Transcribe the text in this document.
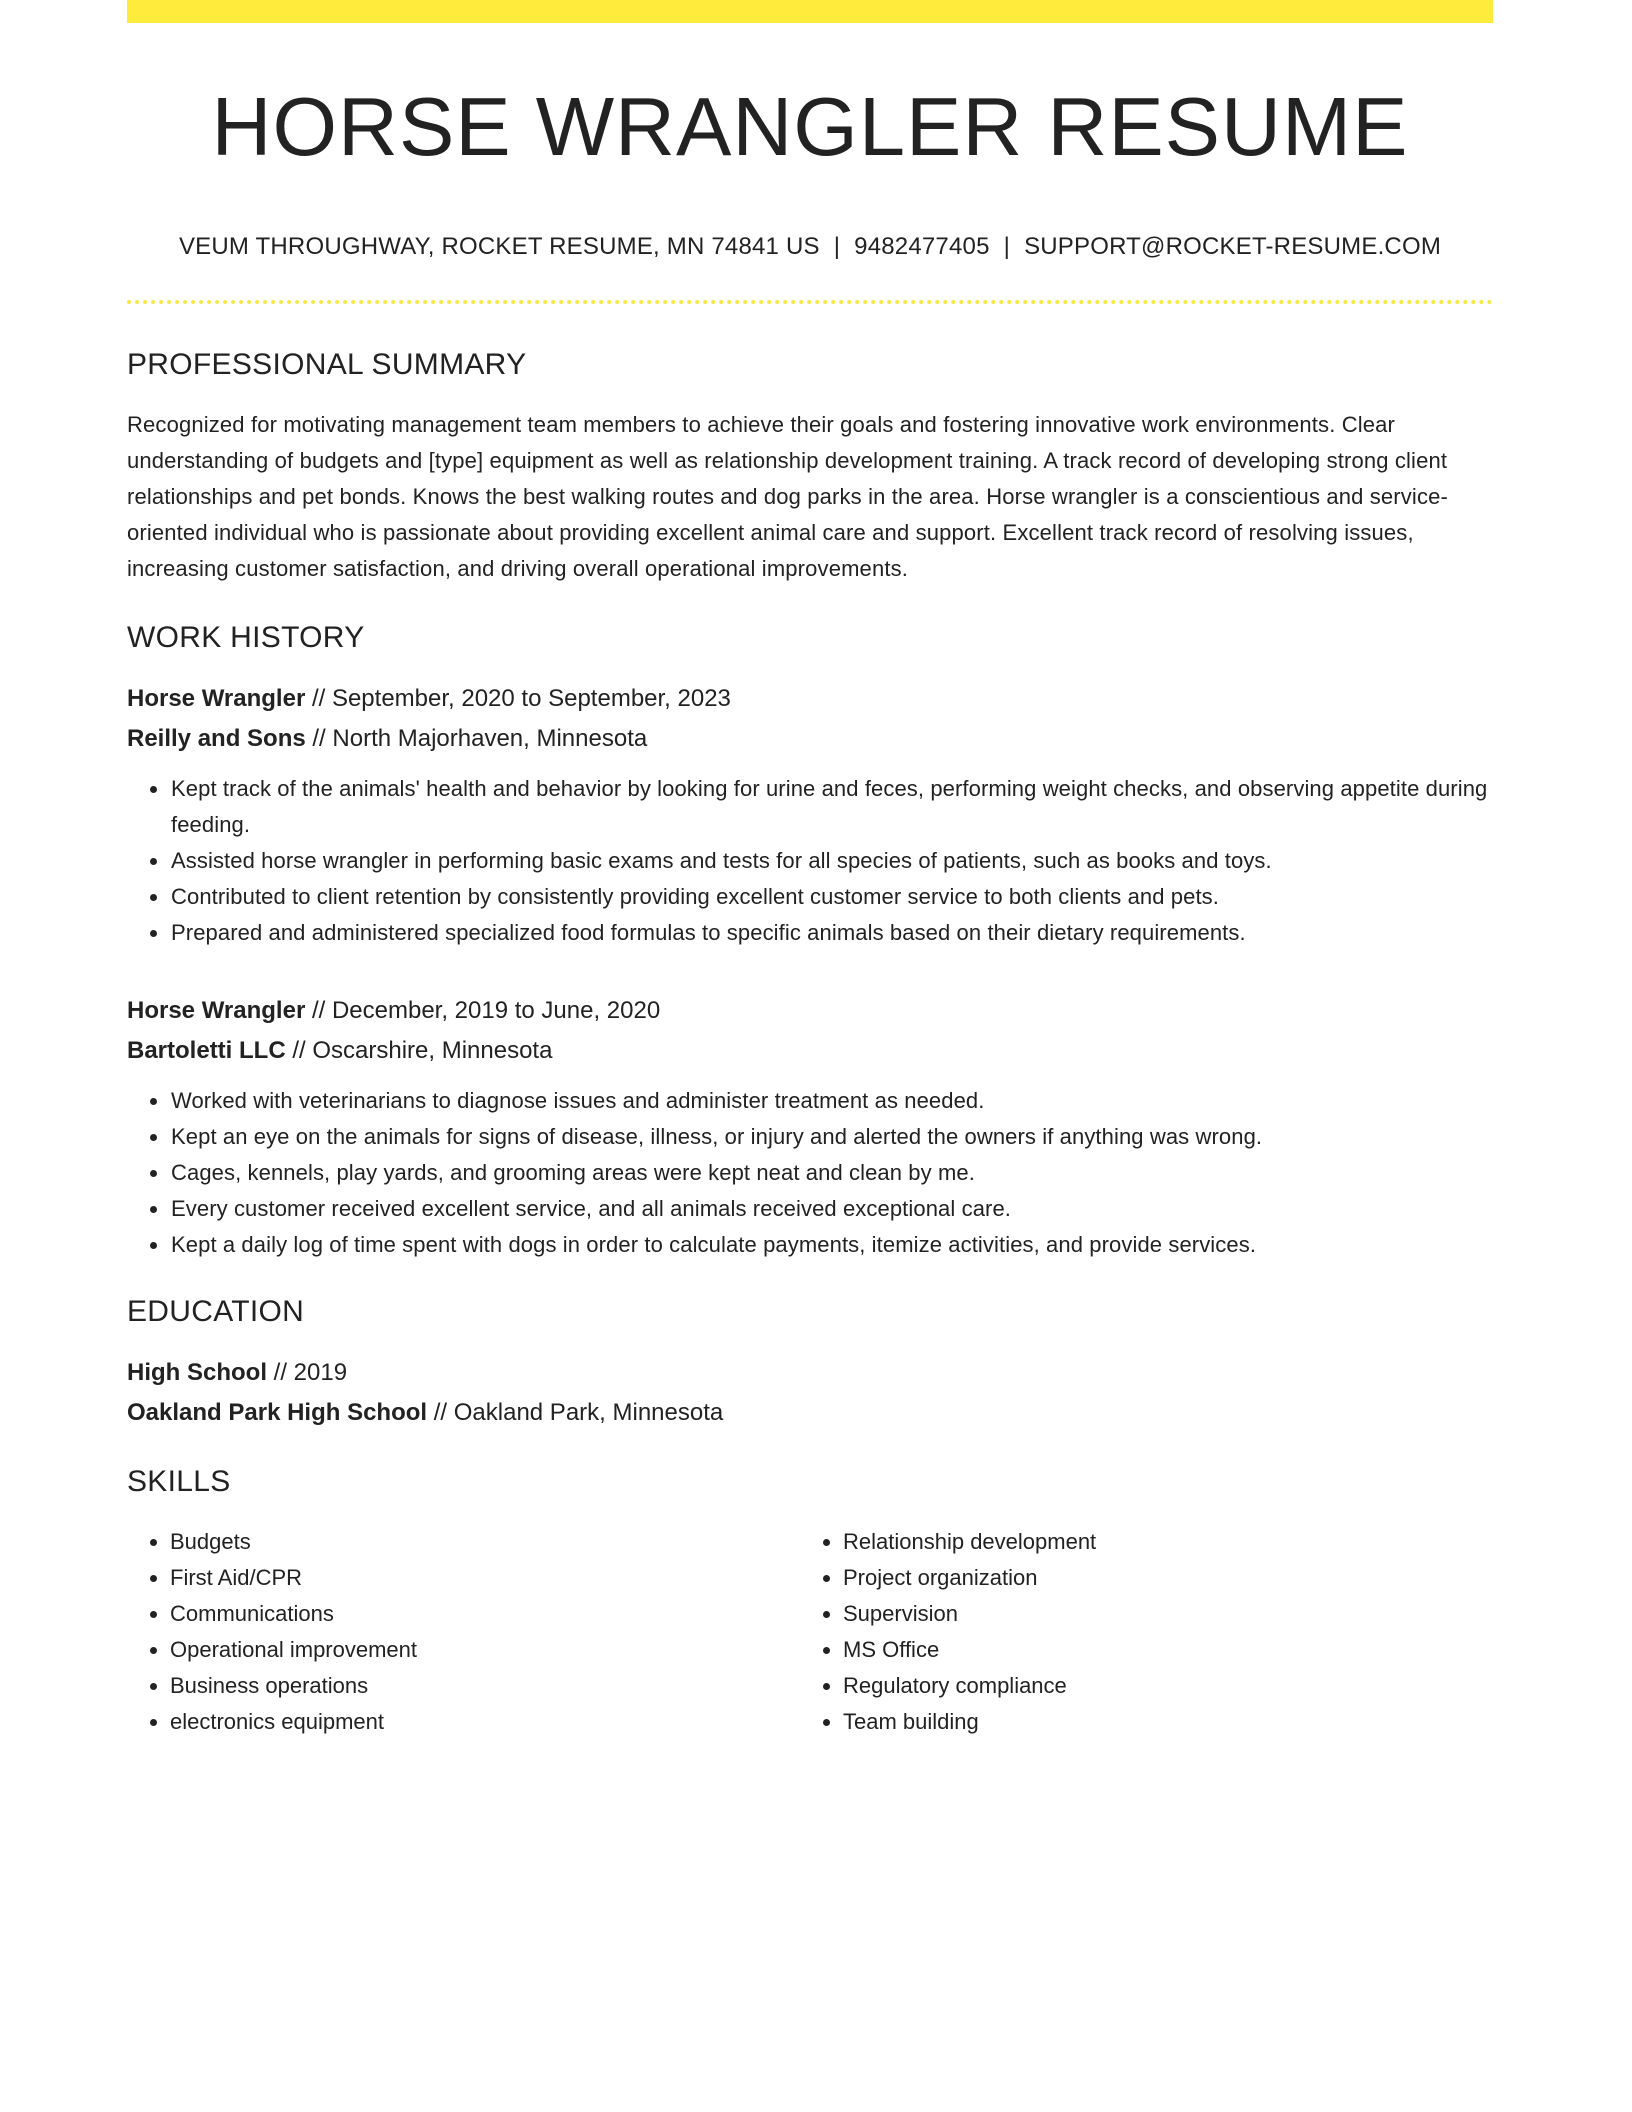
HORSE WRANGLER RESUME
VEUM THROUGHWAY, ROCKET RESUME, MN 74841 US | 9482477405 | SUPPORT@ROCKET-RESUME.COM
PROFESSIONAL SUMMARY
Recognized for motivating management team members to achieve their goals and fostering innovative work environments. Clear understanding of budgets and [type] equipment as well as relationship development training. A track record of developing strong client relationships and pet bonds. Knows the best walking routes and dog parks in the area. Horse wrangler is a conscientious and service-oriented individual who is passionate about providing excellent animal care and support. Excellent track record of resolving issues, increasing customer satisfaction, and driving overall operational improvements.
WORK HISTORY
Horse Wrangler // September, 2020 to September, 2023
Reilly and Sons // North Majorhaven, Minnesota
• Kept track of the animals' health and behavior by looking for urine and feces, performing weight checks, and observing appetite during feeding.
• Assisted horse wrangler in performing basic exams and tests for all species of patients, such as books and toys.
• Contributed to client retention by consistently providing excellent customer service to both clients and pets.
• Prepared and administered specialized food formulas to specific animals based on their dietary requirements.
Horse Wrangler // December, 2019 to June, 2020
Bartoletti LLC // Oscarshire, Minnesota
• Worked with veterinarians to diagnose issues and administer treatment as needed.
• Kept an eye on the animals for signs of disease, illness, or injury and alerted the owners if anything was wrong.
• Cages, kennels, play yards, and grooming areas were kept neat and clean by me.
• Every customer received excellent service, and all animals received exceptional care.
• Kept a daily log of time spent with dogs in order to calculate payments, itemize activities, and provide services.
EDUCATION
High School // 2019
Oakland Park High School // Oakland Park, Minnesota
SKILLS
• Budgets
• First Aid/CPR
• Communications
• Operational improvement
• Business operations
• electronics equipment
• Relationship development
• Project organization
• Supervision
• MS Office
• Regulatory compliance
• Team building
